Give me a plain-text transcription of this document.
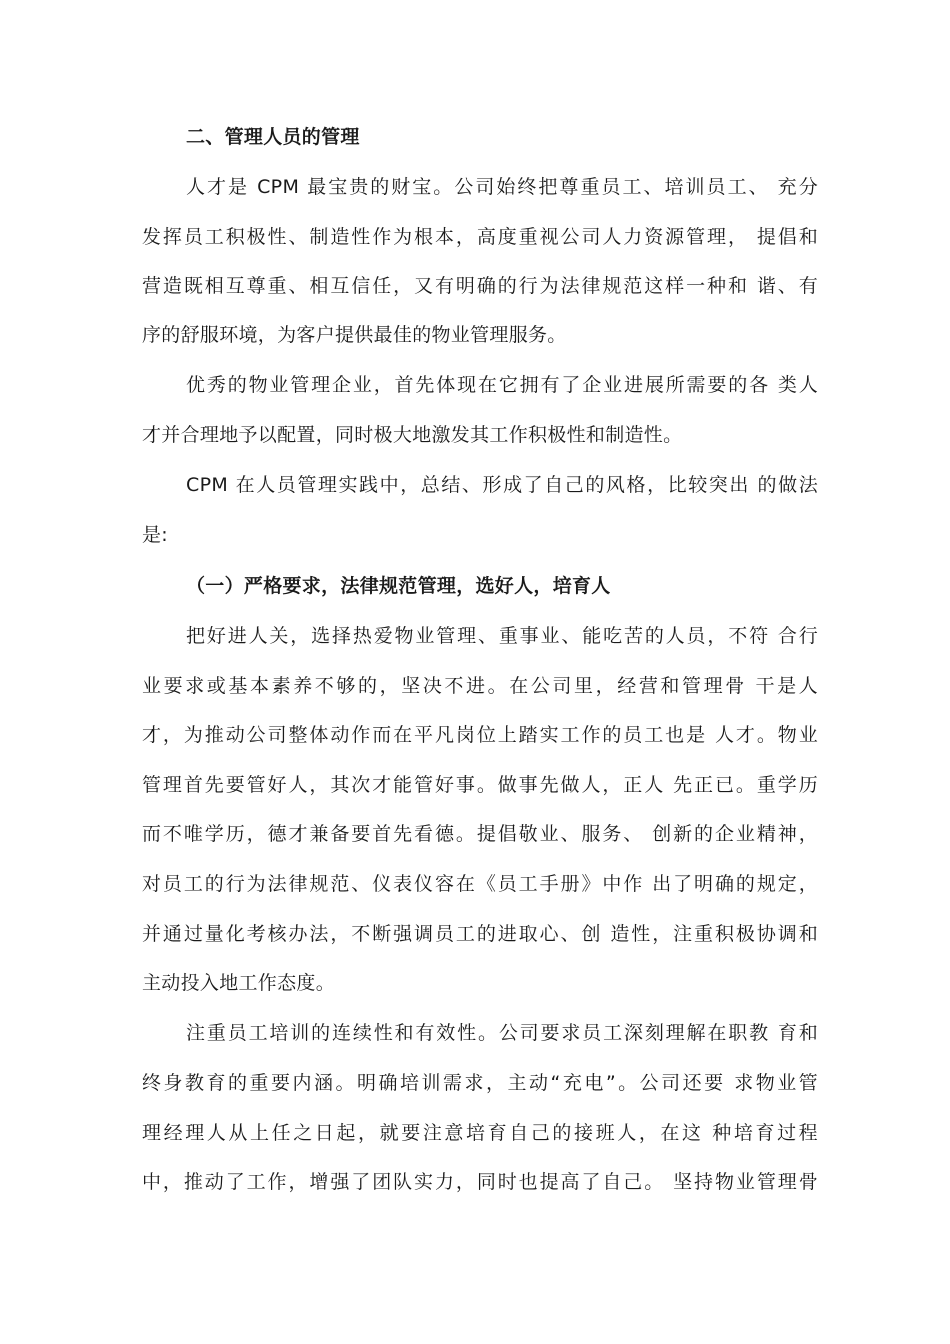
二、管理人员的管理
人才是 CPM 最宝贵的财宝。公司始终把尊重员工、培训员工、 充分
发挥员工积极性、制造性作为根本，高度重视公司人力资源管理， 提倡和
营造既相互尊重、相互信任，又有明确的行为法律规范这样一种和 谐、有
序的舒服环境，为客户提供最佳的物业管理服务。
优秀的物业管理企业，首先体现在它拥有了企业进展所需要的各 类人
才并合理地予以配置，同时极大地激发其工作积极性和制造性。
CPM 在人员管理实践中，总结、形成了自己的风格，比较突出 的做法
是:
（一）严格要求，法律规范管理，选好人，培育人
把好进人关，选择热爱物业管理、重事业、能吃苦的人员，不符 合行
业要求或基本素养不够的，坚决不进。在公司里，经营和管理骨 干是人
才，为推动公司整体动作而在平凡岗位上踏实工作的员工也是 人才。物业
管理首先要管好人，其次才能管好事。做事先做人，正人 先正已。重学历
而不唯学历，德才兼备要首先看德。提倡敬业、服务、 创新的企业精神，
对员工的行为法律规范、仪表仪容在《员工手册》中作 出了明确的规定，
并通过量化考核办法，不断强调员工的进取心、创 造性，注重积极协调和
主动投入地工作态度。
注重员工培训的连续性和有效性。公司要求员工深刻理解在职教 育和
终身教育的重要内涵。明确培训需求，主动“充电”。公司还要 求物业管
理经理人从上任之日起，就要注意培育自己的接班人，在这 种培育过程
中，推动了工作，增强了团队实力，同时也提高了自己。 坚持物业管理骨
